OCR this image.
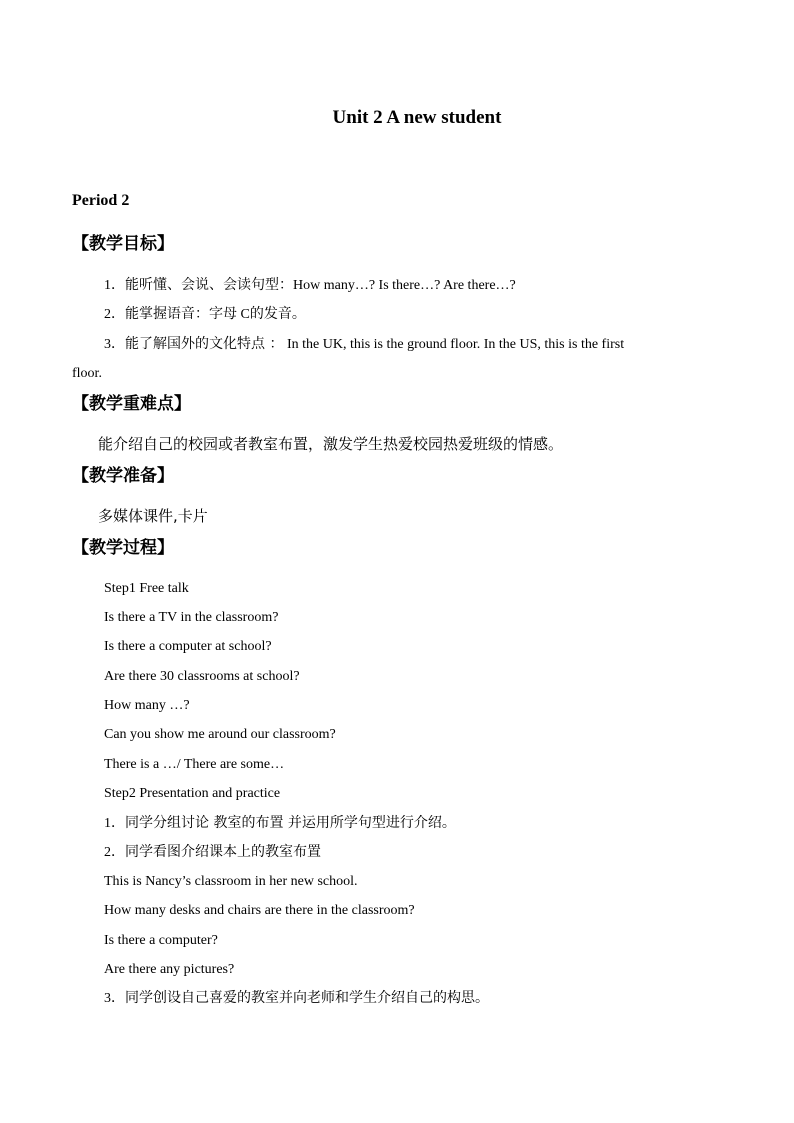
Unit 2 A new student
Period 2
【教学目标】
1．能听懂、会说、会读句型：How many…? Is there…? Are there…?
2．能掌握语音：字母 C的发音。
3．能了解国外的文化特点 ： In the UK, this is the ground floor. In the US, this is the first
floor.
【教学重难点】
能介绍自己的校园或者教室布置，激发学生热爱校园热爱班级的情感。
【教学准备】
多媒体课件,卡片
【教学过程】
Step1 Free talk
Is there a TV in the classroom?
Is there a computer at school?
Are there 30 classrooms at school?
How many …?
Can you show me around our classroom?
There is a …/ There are some…
Step2 Presentation and practice
1．同学分组讨论 教室的布置 并运用所学句型进行介绍。
2．同学看图介绍课本上的教室布置
This is Nancy’s classroom in her new school.
How many desks and chairs are there in the classroom?
Is there a computer?
Are there any pictures?
3．同学创设自己喜爱的教室并向老师和学生介绍自己的构思。
